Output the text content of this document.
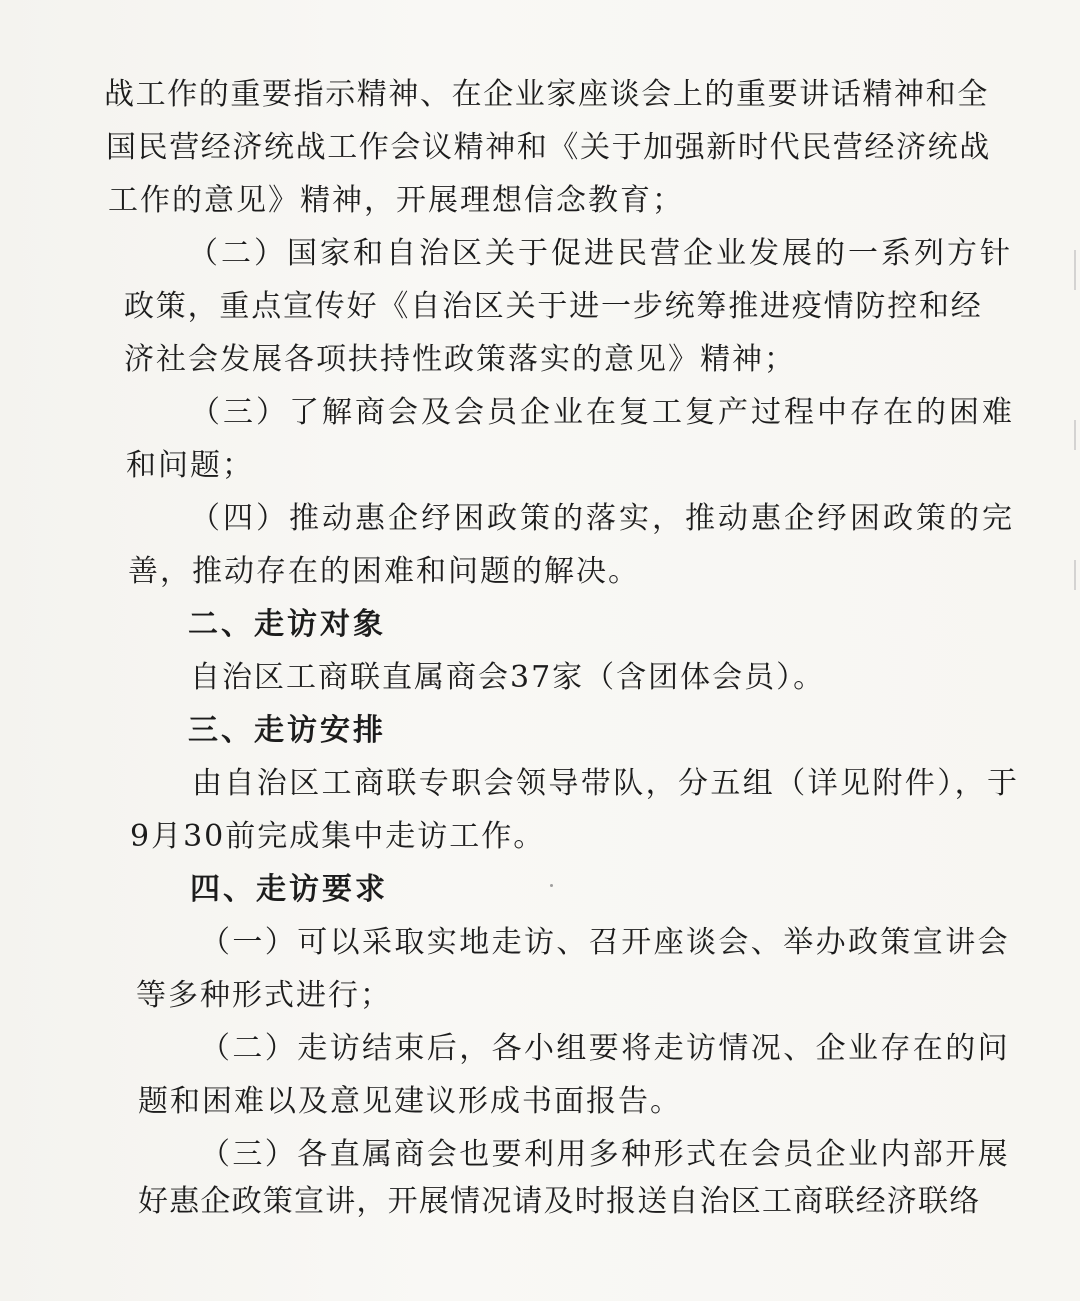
战工作的重要指示精神、在企业家座谈会上的重要讲话精神和全
国民营经济统战工作会议精神和《关于加强新时代民营经济统战
工作的意见》精神，开展理想信念教育；
（二）国家和自治区关于促进民营企业发展的一系列方针
政策，重点宣传好《自治区关于进一步统筹推进疫情防控和经
济社会发展各项扶持性政策落实的意见》精神；
（三）了解商会及会员企业在复工复产过程中存在的困难
和问题；
（四）推动惠企纾困政策的落实，推动惠企纾困政策的完
善，推动存在的困难和问题的解决。
二、走访对象
自治区工商联直属商会37家（含团体会员）。
三、走访安排
由自治区工商联专职会领导带队，分五组（详见附件），于
9月30前完成集中走访工作。
四、走访要求
（一）可以采取实地走访、召开座谈会、举办政策宣讲会
等多种形式进行；
（二）走访结束后，各小组要将走访情况、企业存在的问
题和困难以及意见建议形成书面报告。
（三）各直属商会也要利用多种形式在会员企业内部开展
好惠企政策宣讲，开展情况请及时报送自治区工商联经济联络
